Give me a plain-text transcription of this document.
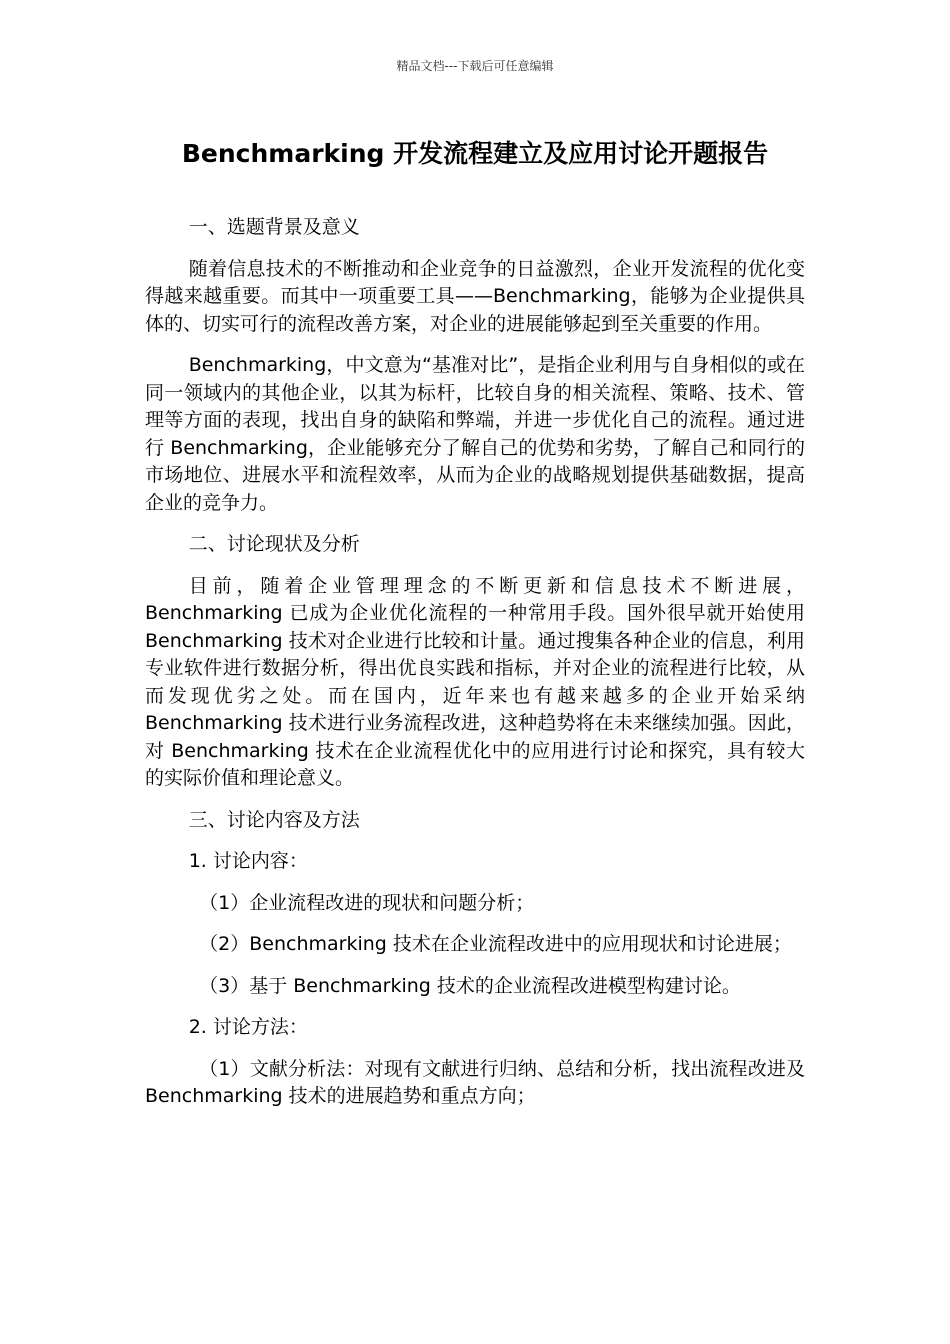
精品文档---下载后可任意编辑
Benchmarking 开发流程建立及应用讨论开题报告

一、选题背景及意义

随着信息技术的不断推动和企业竞争的日益激烈，企业开发流程的优化变得越来越重要。而其中一项重要工具——Benchmarking，能够为企业提供具体的、切实可行的流程改善方案，对企业的进展能够起到至关重要的作用。

Benchmarking，中文意为“基准对比”，是指企业利用与自身相似的或在同一领域内的其他企业，以其为标杆，比较自身的相关流程、策略、技术、管理等方面的表现，找出自身的缺陷和弊端，并进一步优化自己的流程。通过进行 Benchmarking，企业能够充分了解自己的优势和劣势，了解自己和同行的市场地位、进展水平和流程效率，从而为企业的战略规划提供基础数据，提高企业的竞争力。

二、讨论现状及分析

目前，随着企业管理理念的不断更新和信息技术不断进展，Benchmarking 已成为企业优化流程的一种常用手段。国外很早就开始使用 Benchmarking 技术对企业进行比较和计量。通过搜集各种企业的信息，利用专业软件进行数据分析，得出优良实践和指标，并对企业的流程进行比较，从而发现优劣之处。而在国内，近年来也有越来越多的企业开始采纳 Benchmarking 技术进行业务流程改进，这种趋势将在未来继续加强。因此，对 Benchmarking 技术在企业流程优化中的应用进行讨论和探究，具有较大的实际价值和理论意义。

三、讨论内容及方法

1. 讨论内容：

（1）企业流程改进的现状和问题分析；

（2）Benchmarking 技术在企业流程改进中的应用现状和讨论进展；

（3）基于 Benchmarking 技术的企业流程改进模型构建讨论。

2. 讨论方法：

（1）文献分析法：对现有文献进行归纳、总结和分析，找出流程改进及 Benchmarking 技术的进展趋势和重点方向；
